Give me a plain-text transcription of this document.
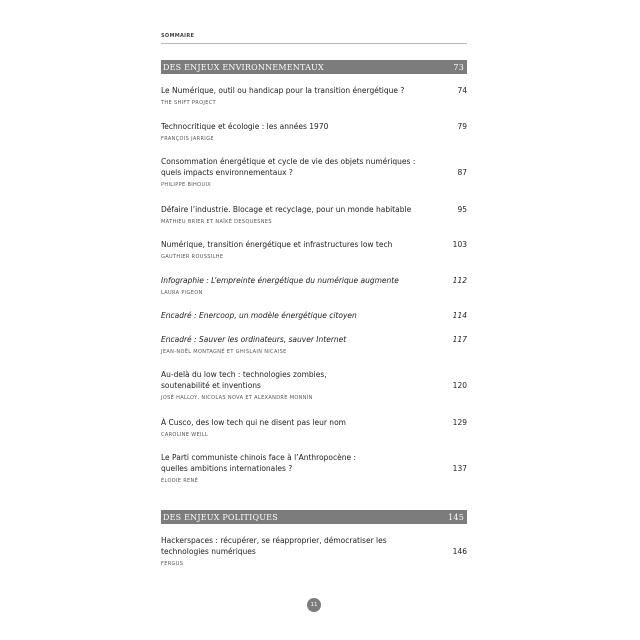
SOMMAIRE
DES ENJEUX ENVIRONNEMENTAUX	73
Le Numérique, outil ou handicap pour la transition énergétique ?	74
THE SHIFT PROJECT
Technocritique et écologie : les années 1970	79
FRANÇOIS JARRIGE
Consommation énergétique et cycle de vie des objets numériques : quels impacts environnementaux ?	87
PHILIPPE BIHOUIX
Défaire l’industrie. Blocage et recyclage, pour un monde habitable	95
MATHIEU BRIER ET NAÏKÉ DESQUESNES
Numérique, transition énergétique et infrastructures low tech	103
GAUTHIER ROUSSILHE
Infographie : L’empreinte énergétique du numérique augmente	112
LAURA PIGEON
Encadré : Enercoop, un modèle énergétique citoyen	114
Encadré : Sauver les ordinateurs, sauver Internet	117
JEAN-NOËL MONTAGNÉ ET GHISLAIN NICAISE
Au-delà du low tech : technologies zombies, soutenabilité et inventions	120
JOSÉ HALLOY, NICOLAS NOVA ET ALEXANDRE MONNIN
À Cusco, des low tech qui ne disent pas leur nom	129
CAROLINE WEILL
Le Parti communiste chinois face à l’Anthropocène : quelles ambitions internationales ?	137
ÉLODIE RENÉ
DES ENJEUX POLITIQUES	145
Hackerspaces : récupérer, se réapproprier, démocratiser les technologies numériques	146
FERGUS
11
